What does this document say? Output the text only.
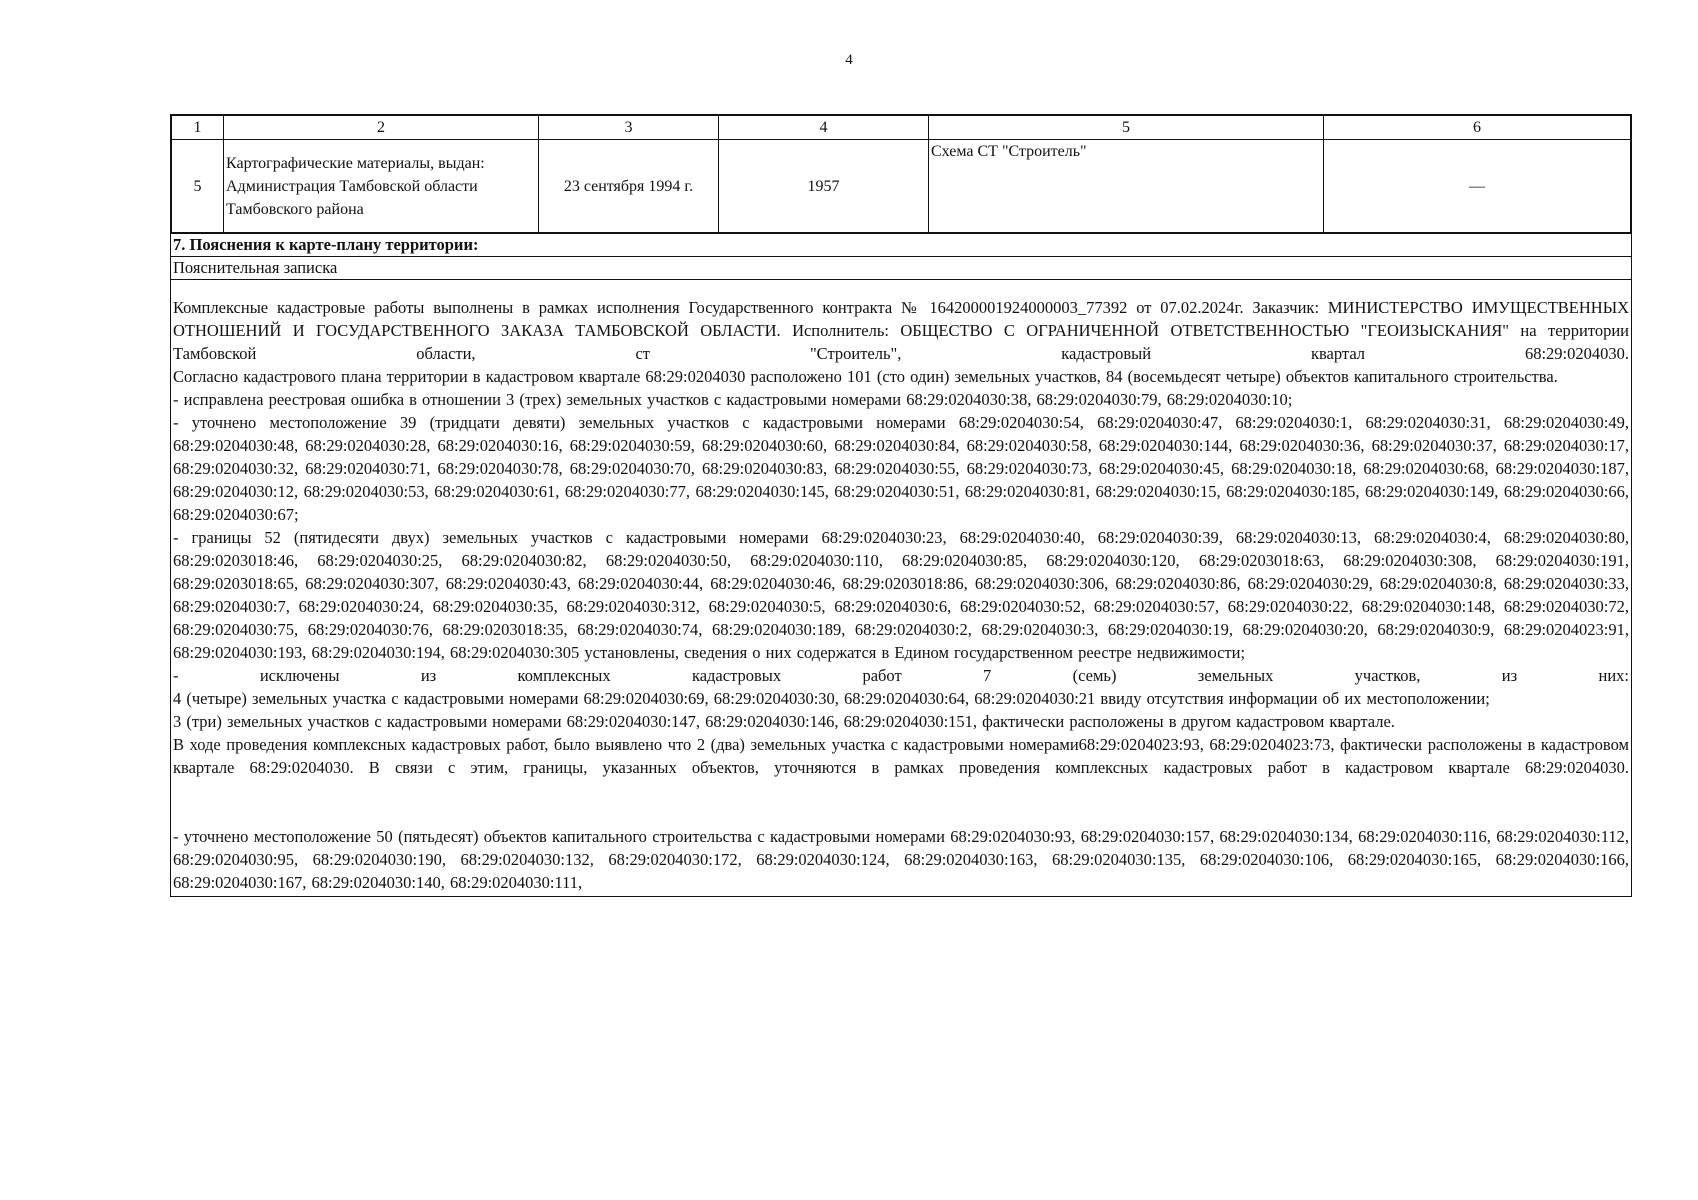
4
1	2	3	4	5	6
5	Картографические материалы, выдан: Администрация Тамбовской области Тамбовского района	23 сентября 1994 г.	1957	Схема СТ "Строитель"	—
7. Пояснения к карте-плану территории:
Пояснительная записка

Комплексные кадастровые работы выполнены в рамках исполнения Государственного контракта № 164200001924000003_77392 от 07.02.2024г. Заказчик: МИНИСТЕРСТВО ИМУЩЕСТВЕННЫХ ОТНОШЕНИЙ И ГОСУДАРСТВЕННОГО ЗАКАЗА ТАМБОВСКОЙ ОБЛАСТИ. Исполнитель: ОБЩЕСТВО С ОГРАНИЧЕННОЙ ОТВЕТСТВЕННОСТЬЮ "ГЕОИЗЫСКАНИЯ" на территории Тамбовской области, ст "Строитель", кадастровый квартал 68:29:0204030.

Согласно кадастрового плана территории в кадастровом квартале 68:29:0204030 расположено 101 (сто один) земельных участков, 84 (восемьдесят четыре) объектов капитального строительства.

- исправлена реестровая ошибка в отношении 3 (трех) земельных участков с кадастровыми номерами 68:29:0204030:38, 68:29:0204030:79, 68:29:0204030:10;

- уточнено местоположение 39 (тридцати девяти) земельных участков с кадастровыми номерами 68:29:0204030:54, 68:29:0204030:47, 68:29:0204030:1, 68:29:0204030:31, 68:29:0204030:49, 68:29:0204030:48, 68:29:0204030:28, 68:29:0204030:16, 68:29:0204030:59, 68:29:0204030:60, 68:29:0204030:84, 68:29:0204030:58, 68:29:0204030:144, 68:29:0204030:36, 68:29:0204030:37, 68:29:0204030:17, 68:29:0204030:32, 68:29:0204030:71, 68:29:0204030:78, 68:29:0204030:70, 68:29:0204030:83, 68:29:0204030:55, 68:29:0204030:73, 68:29:0204030:45, 68:29:0204030:18, 68:29:0204030:68, 68:29:0204030:187, 68:29:0204030:12, 68:29:0204030:53, 68:29:0204030:61, 68:29:0204030:77, 68:29:0204030:145, 68:29:0204030:51, 68:29:0204030:81, 68:29:0204030:15, 68:29:0204030:185, 68:29:0204030:149, 68:29:0204030:66, 68:29:0204030:67;

- границы 52 (пятидесяти двух) земельных участков с кадастровыми номерами 68:29:0204030:23, 68:29:0204030:40, 68:29:0204030:39, 68:29:0204030:13, 68:29:0204030:4, 68:29:0204030:80, 68:29:0203018:46, 68:29:0204030:25, 68:29:0204030:82, 68:29:0204030:50, 68:29:0204030:110, 68:29:0204030:85, 68:29:0204030:120, 68:29:0203018:63, 68:29:0204030:308, 68:29:0204030:191, 68:29:0203018:65, 68:29:0204030:307, 68:29:0204030:43, 68:29:0204030:44, 68:29:0204030:46, 68:29:0203018:86, 68:29:0204030:306, 68:29:0204030:86, 68:29:0204030:29, 68:29:0204030:8, 68:29:0204030:33, 68:29:0204030:7, 68:29:0204030:24, 68:29:0204030:35, 68:29:0204030:312, 68:29:0204030:5, 68:29:0204030:6, 68:29:0204030:52, 68:29:0204030:57, 68:29:0204030:22, 68:29:0204030:148, 68:29:0204030:72, 68:29:0204030:75, 68:29:0204030:76, 68:29:0203018:35, 68:29:0204030:74, 68:29:0204030:189, 68:29:0204030:2, 68:29:0204030:3, 68:29:0204030:19, 68:29:0204030:20, 68:29:0204030:9, 68:29:0204023:91, 68:29:0204030:193, 68:29:0204030:194, 68:29:0204030:305 установлены, сведения о них содержатся в Едином государственном реестре недвижимости;

- исключены из комплексных кадастровых работ 7 (семь) земельных участков, из них:

4 (четыре) земельных участка с кадастровыми номерами 68:29:0204030:69, 68:29:0204030:30, 68:29:0204030:64, 68:29:0204030:21 ввиду отсутствия информации об их местоположении;

3 (три) земельных участков с кадастровыми номерами 68:29:0204030:147, 68:29:0204030:146, 68:29:0204030:151, фактически расположены в другом кадастровом квартале.

В ходе проведения комплексных кадастровых работ, было выявлено что 2 (два) земельных участка с кадастровыми номерами68:29:0204023:93, 68:29:0204023:73, фактически расположены в кадастровом квартале 68:29:0204030. В связи с этим, границы, указанных объектов, уточняются в рамках проведения комплексных кадастровых работ в кадастровом квартале 68:29:0204030.

- уточнено местоположение 50 (пятьдесят) объектов капитального строительства с кадастровыми номерами 68:29:0204030:93, 68:29:0204030:157, 68:29:0204030:134, 68:29:0204030:116, 68:29:0204030:112, 68:29:0204030:95, 68:29:0204030:190, 68:29:0204030:132, 68:29:0204030:172, 68:29:0204030:124, 68:29:0204030:163, 68:29:0204030:135, 68:29:0204030:106, 68:29:0204030:165, 68:29:0204030:166, 68:29:0204030:167, 68:29:0204030:140, 68:29:0204030:111,
